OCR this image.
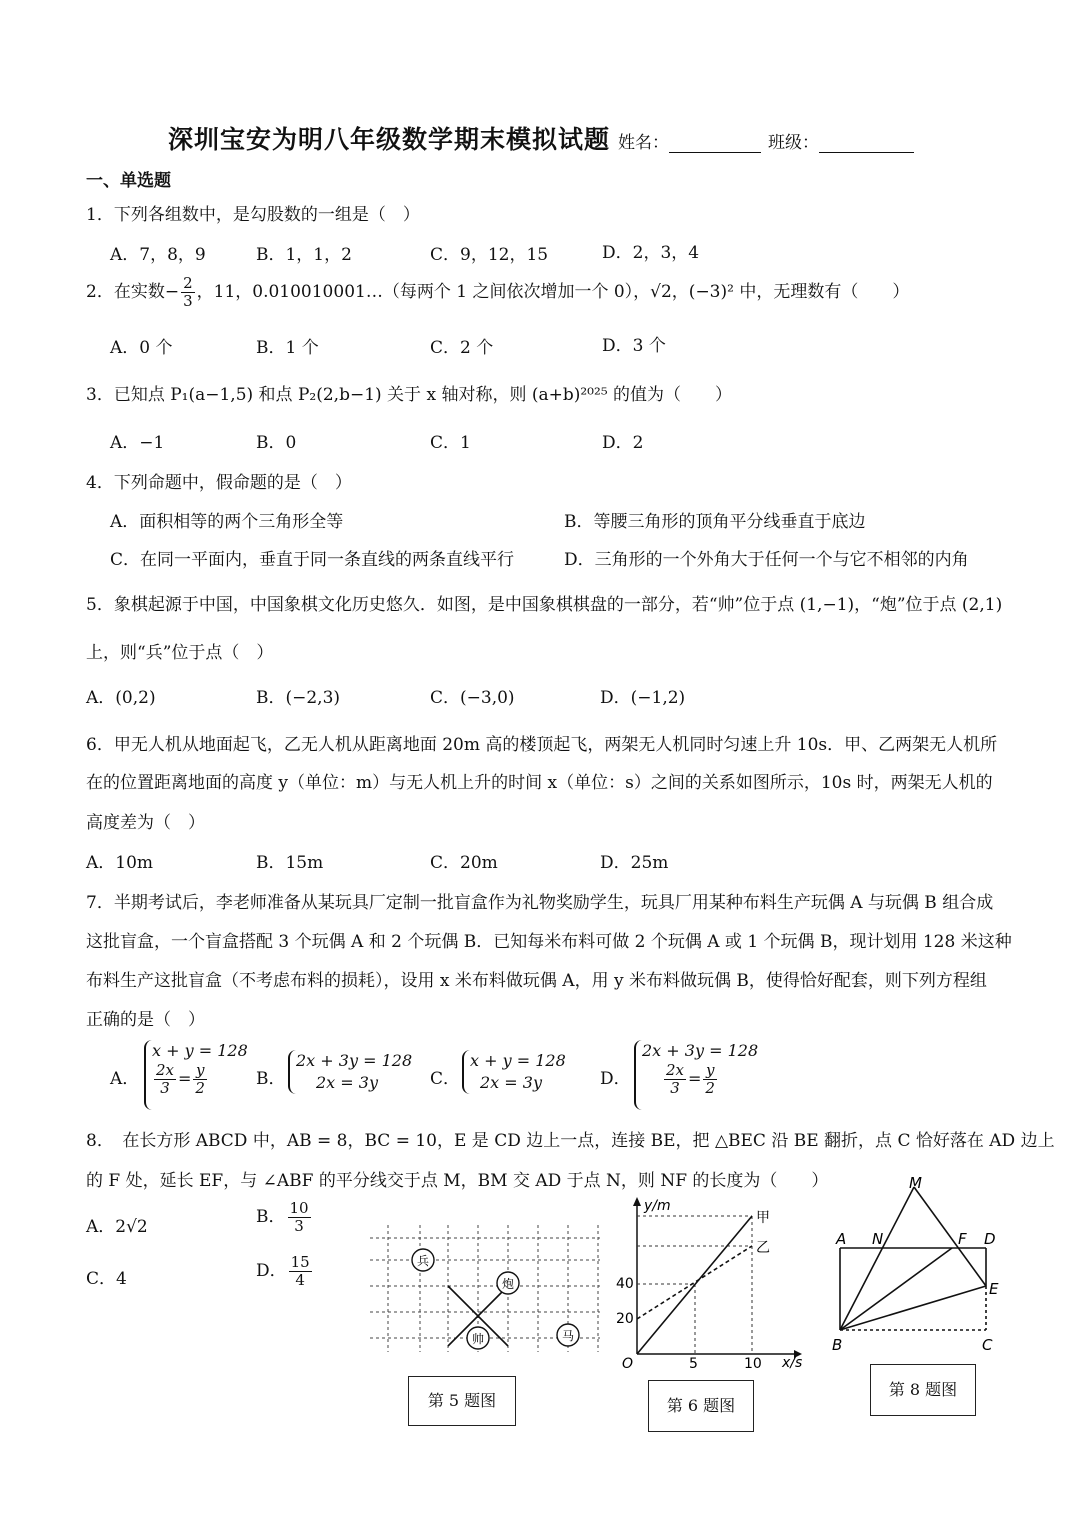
深圳宝安为明八年级数学期末模拟试题 姓名：	班级：
一、单选题
1．下列各组数中，是勾股数的一组是（　）
A．7，8，9	B．1，1，2	C．9，12，15	D．2，3，4
2．在实数− $\frac{2}{3}$ ，11，0.010010001…（每两个 1 之间依次增加一个 0），√2，(−3)² 中，无理数有（　　）
A．0 个	B．1 个	C．2 个	D．3 个
3．已知点 P₁(a−1,5) 和点 P₂(2,b−1) 关于 x 轴对称，则 (a+b)²⁰²⁵ 的值为（　　）
A．−1	B．0	C．1	D．2
4．下列命题中，假命题的是（　）
A．面积相等的两个三角形全等	B．等腰三角形的顶角平分线垂直于底边
C．在同一平面内，垂直于同一条直线的两条直线平行	D．三角形的一个外角大于任何一个与它不相邻的内角
5．象棋起源于中国，中国象棋文化历史悠久．如图，是中国象棋棋盘的一部分，若“帅”位于点 (1,−1)，“炮”位于点 (2,1)
上，则“兵”位于点（　）
A．(0,2)	B．(−2,3)	C．(−3,0)	D．(−1,2)
6．甲无人机从地面起飞，乙无人机从距离地面 20m 高的楼顶起飞，两架无人机同时匀速上升 10s．甲、乙两架无人机所
在的位置距离地面的高度 y（单位：m）与无人机上升的时间 x（单位：s）之间的关系如图所示，10s 时，两架无人机的
高度差为（　）
A．10m	B．15m	C．20m	D．25m
7．半期考试后，李老师准备从某玩具厂定制一批盲盒作为礼物奖励学生，玩具厂用某种布料生产玩偶 A 与玩偶 B 组合成
这批盲盒，一个盲盒搭配 3 个玩偶 A 和 2 个玩偶 B．已知每米布料可做 2 个玩偶 A 或 1 个玩偶 B，现计划用 128 米这种
布料生产这批盲盒（不考虑布料的损耗），设用 x 米布料做玩偶 A，用 y 米布料做玩偶 B，使得恰好配套，则下列方程组
正确的是（　）
A．
x + y = 128
$\frac{2x}{3} = \frac{y}{2}$	B．
2x + 3y = 128
2x = 3y	C．
x + y = 128
2x = 3y	D．
2x + 3y = 128
$\frac{2x}{3} = \frac{y}{2}$
8．　在长方形 ABCD 中，AB = 8，BC = 10，E 是 CD 边上一点，连接 BE，把 △BEC 沿 BE 翻折，点 C 恰好落在 AD 边上
的 F 处，延长 EF，与 ∠ABF 的平分线交于点 M，BM 交 AD 于点 N，则 NF 的长度为（　　）
A．2√2	B． $\frac{10}{3}$
C．4	D． $\frac{15}{4}$	兵
炮
帅	马
第 5 题图
y/m
x/s
O
20
40
5	10
甲
乙
第 6 题图
M
A N	F D
E
B	C
第 8 题图
